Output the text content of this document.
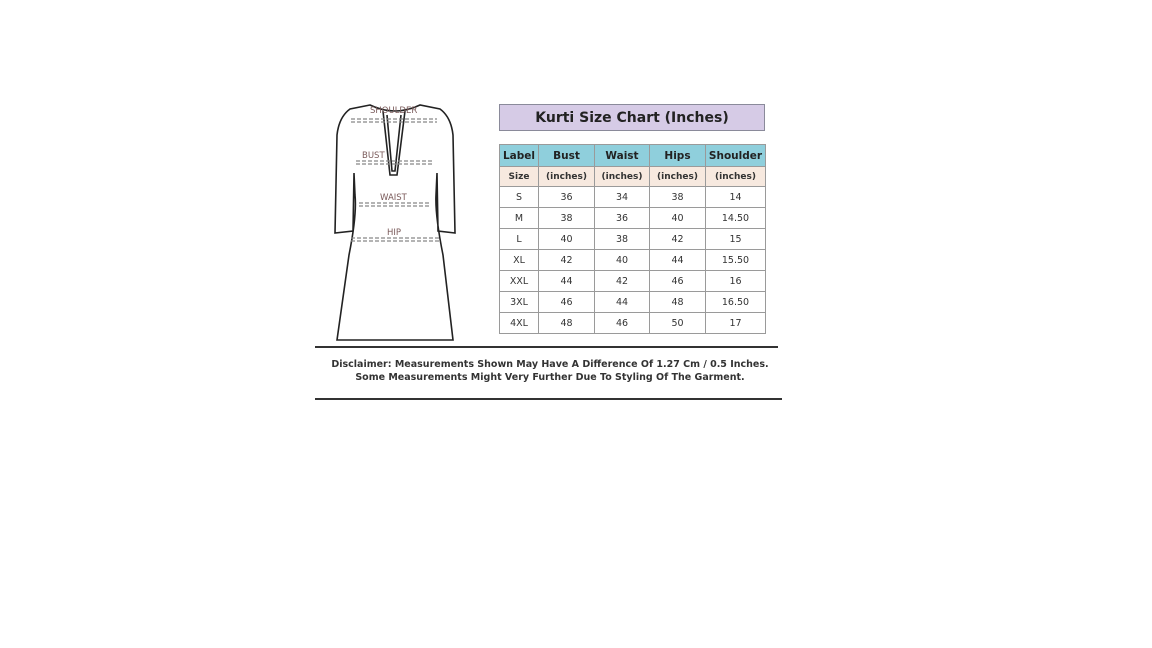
SHOULDER
BUST
WAIST
HIP
Kurti Size Chart (Inches)
Label	Bust	Waist	Hips	Shoulder
Size	(inches)	(inches)	(inches)	(inches)
S	36	34	38	14
M	38	36	40	14.50
L	40	38	42	15
XL	42	40	44	15.50
XXL	44	42	46	16
3XL	46	44	48	16.50
4XL	48	46	50	17
Disclaimer: Measurements Shown May Have A Difference Of 1.27 Cm / 0.5 Inches.
Some Measurements Might Very Further Due To Styling Of The Garment.
